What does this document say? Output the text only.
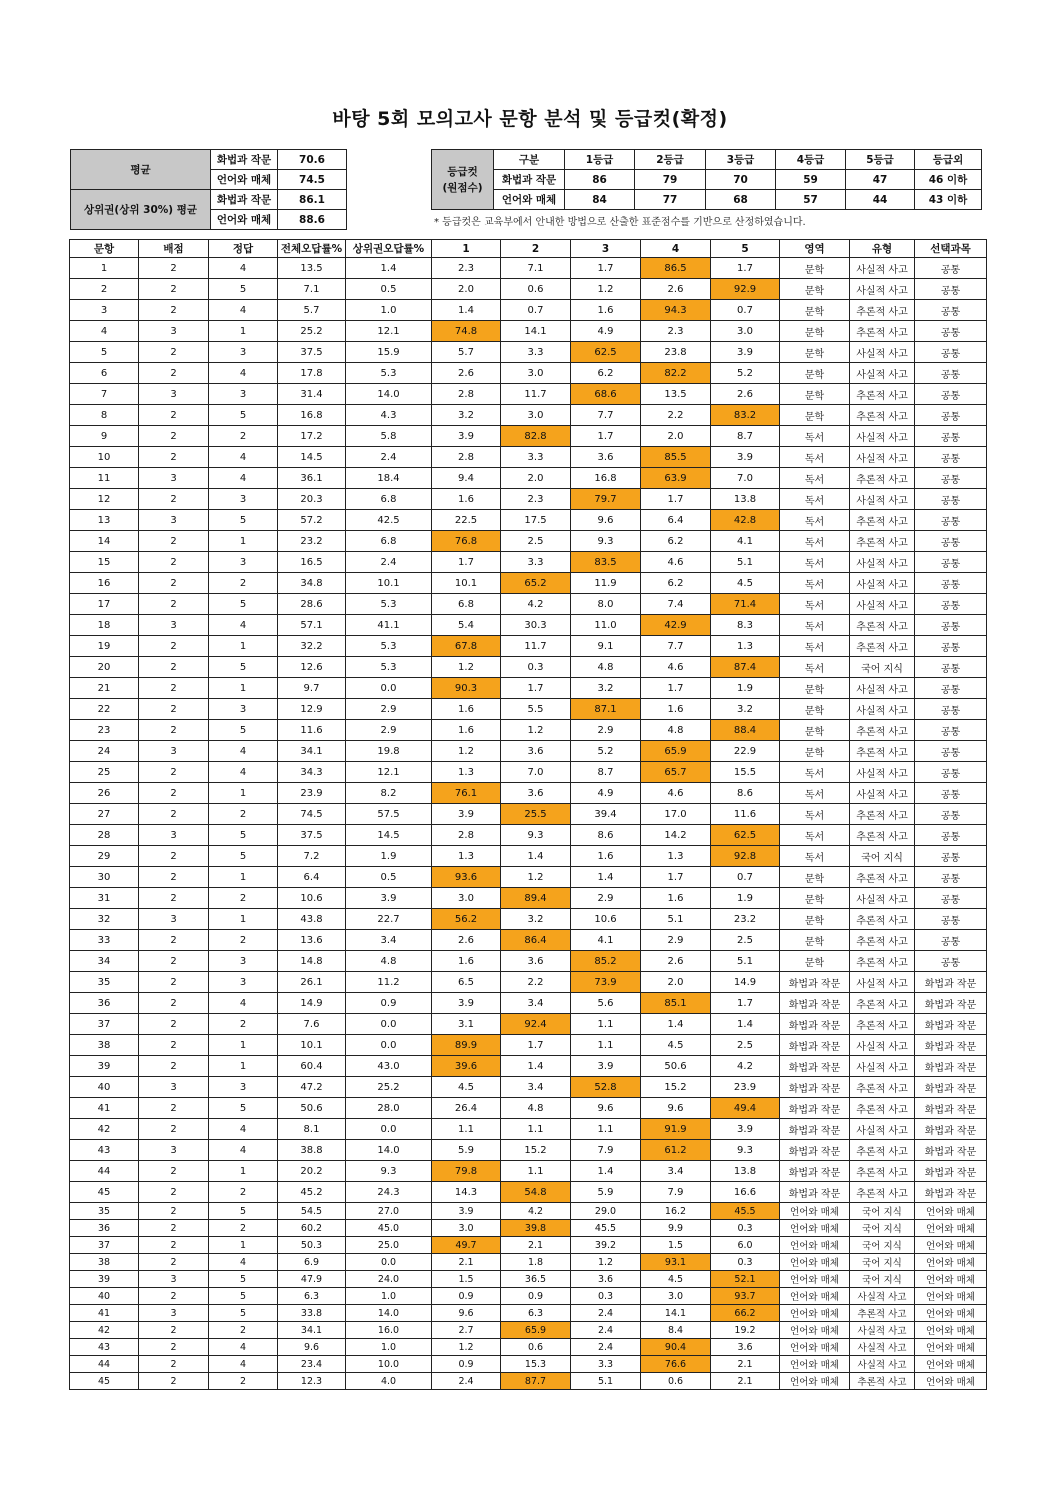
바탕 5회 모의고사 문항 분석 및 등급컷(확정)
평균	화법과 작문	70.6
	언어와 매체	74.5
상위권(상위 30%) 평균	화법과 작문	86.1
	언어와 매체	88.6
등급컷
(원점수)	구분	1등급	2등급	3등급	4등급	5등급	등급외
	화법과 작문	86	79	70	59	47	46 이하
	언어와 매체	84	77	68	57	44	43 이하
* 등급컷은 교육부에서 안내한 방법으로 산출한 표준점수를 기반으로 산정하였습니다.
문항	배점	정답	전체오답률%	상위권오답률%	1	2	3	4	5	영역	유형	선택과목
1	2	4	13.5	1.4	2.3	7.1	1.7	86.5	1.7	문학	사실적 사고	공통
2	2	5	7.1	0.5	2.0	0.6	1.2	2.6	92.9	문학	사실적 사고	공통
3	2	4	5.7	1.0	1.4	0.7	1.6	94.3	0.7	문학	추론적 사고	공통
4	3	1	25.2	12.1	74.8	14.1	4.9	2.3	3.0	문학	추론적 사고	공통
5	2	3	37.5	15.9	5.7	3.3	62.5	23.8	3.9	문학	사실적 사고	공통
6	2	4	17.8	5.3	2.6	3.0	6.2	82.2	5.2	문학	사실적 사고	공통
7	3	3	31.4	14.0	2.8	11.7	68.6	13.5	2.6	문학	추론적 사고	공통
8	2	5	16.8	4.3	3.2	3.0	7.7	2.2	83.2	문학	추론적 사고	공통
9	2	2	17.2	5.8	3.9	82.8	1.7	2.0	8.7	독서	사실적 사고	공통
10	2	4	14.5	2.4	2.8	3.3	3.6	85.5	3.9	독서	사실적 사고	공통
11	3	4	36.1	18.4	9.4	2.0	16.8	63.9	7.0	독서	추론적 사고	공통
12	2	3	20.3	6.8	1.6	2.3	79.7	1.7	13.8	독서	사실적 사고	공통
13	3	5	57.2	42.5	22.5	17.5	9.6	6.4	42.8	독서	추론적 사고	공통
14	2	1	23.2	6.8	76.8	2.5	9.3	6.2	4.1	독서	추론적 사고	공통
15	2	3	16.5	2.4	1.7	3.3	83.5	4.6	5.1	독서	사실적 사고	공통
16	2	2	34.8	10.1	10.1	65.2	11.9	6.2	4.5	독서	사실적 사고	공통
17	2	5	28.6	5.3	6.8	4.2	8.0	7.4	71.4	독서	사실적 사고	공통
18	3	4	57.1	41.1	5.4	30.3	11.0	42.9	8.3	독서	추론적 사고	공통
19	2	1	32.2	5.3	67.8	11.7	9.1	7.7	1.3	독서	추론적 사고	공통
20	2	5	12.6	5.3	1.2	0.3	4.8	4.6	87.4	독서	국어 지식	공통
21	2	1	9.7	0.0	90.3	1.7	3.2	1.7	1.9	문학	사실적 사고	공통
22	2	3	12.9	2.9	1.6	5.5	87.1	1.6	3.2	문학	사실적 사고	공통
23	2	5	11.6	2.9	1.6	1.2	2.9	4.8	88.4	문학	추론적 사고	공통
24	3	4	34.1	19.8	1.2	3.6	5.2	65.9	22.9	문학	추론적 사고	공통
25	2	4	34.3	12.1	1.3	7.0	8.7	65.7	15.5	독서	사실적 사고	공통
26	2	1	23.9	8.2	76.1	3.6	4.9	4.6	8.6	독서	사실적 사고	공통
27	2	2	74.5	57.5	3.9	25.5	39.4	17.0	11.6	독서	추론적 사고	공통
28	3	5	37.5	14.5	2.8	9.3	8.6	14.2	62.5	독서	추론적 사고	공통
29	2	5	7.2	1.9	1.3	1.4	1.6	1.3	92.8	독서	국어 지식	공통
30	2	1	6.4	0.5	93.6	1.2	1.4	1.7	0.7	문학	추론적 사고	공통
31	2	2	10.6	3.9	3.0	89.4	2.9	1.6	1.9	문학	사실적 사고	공통
32	3	1	43.8	22.7	56.2	3.2	10.6	5.1	23.2	문학	추론적 사고	공통
33	2	2	13.6	3.4	2.6	86.4	4.1	2.9	2.5	문학	추론적 사고	공통
34	2	3	14.8	4.8	1.6	3.6	85.2	2.6	5.1	문학	추론적 사고	공통
35	2	3	26.1	11.2	6.5	2.2	73.9	2.0	14.9	화법과 작문	사실적 사고	화법과 작문
36	2	4	14.9	0.9	3.9	3.4	5.6	85.1	1.7	화법과 작문	추론적 사고	화법과 작문
37	2	2	7.6	0.0	3.1	92.4	1.1	1.4	1.4	화법과 작문	추론적 사고	화법과 작문
38	2	1	10.1	0.0	89.9	1.7	1.1	4.5	2.5	화법과 작문	사실적 사고	화법과 작문
39	2	1	60.4	43.0	39.6	1.4	3.9	50.6	4.2	화법과 작문	사실적 사고	화법과 작문
40	3	3	47.2	25.2	4.5	3.4	52.8	15.2	23.9	화법과 작문	추론적 사고	화법과 작문
41	2	5	50.6	28.0	26.4	4.8	9.6	9.6	49.4	화법과 작문	추론적 사고	화법과 작문
42	2	4	8.1	0.0	1.1	1.1	1.1	91.9	3.9	화법과 작문	사실적 사고	화법과 작문
43	3	4	38.8	14.0	5.9	15.2	7.9	61.2	9.3	화법과 작문	추론적 사고	화법과 작문
44	2	1	20.2	9.3	79.8	1.1	1.4	3.4	13.8	화법과 작문	추론적 사고	화법과 작문
45	2	2	45.2	24.3	14.3	54.8	5.9	7.9	16.6	화법과 작문	추론적 사고	화법과 작문
35	2	5	54.5	27.0	3.9	4.2	29.0	16.2	45.5	언어와 매체	국어 지식	언어와 매체
36	2	2	60.2	45.0	3.0	39.8	45.5	9.9	0.3	언어와 매체	국어 지식	언어와 매체
37	2	1	50.3	25.0	49.7	2.1	39.2	1.5	6.0	언어와 매체	국어 지식	언어와 매체
38	2	4	6.9	0.0	2.1	1.8	1.2	93.1	0.3	언어와 매체	국어 지식	언어와 매체
39	3	5	47.9	24.0	1.5	36.5	3.6	4.5	52.1	언어와 매체	국어 지식	언어와 매체
40	2	5	6.3	1.0	0.9	0.9	0.3	3.0	93.7	언어와 매체	사실적 사고	언어와 매체
41	3	5	33.8	14.0	9.6	6.3	2.4	14.1	66.2	언어와 매체	추론적 사고	언어와 매체
42	2	2	34.1	16.0	2.7	65.9	2.4	8.4	19.2	언어와 매체	사실적 사고	언어와 매체
43	2	4	9.6	1.0	1.2	0.6	2.4	90.4	3.6	언어와 매체	사실적 사고	언어와 매체
44	2	4	23.4	10.0	0.9	15.3	3.3	76.6	2.1	언어와 매체	사실적 사고	언어와 매체
45	2	2	12.3	4.0	2.4	87.7	5.1	0.6	2.1	언어와 매체	추론적 사고	언어와 매체
